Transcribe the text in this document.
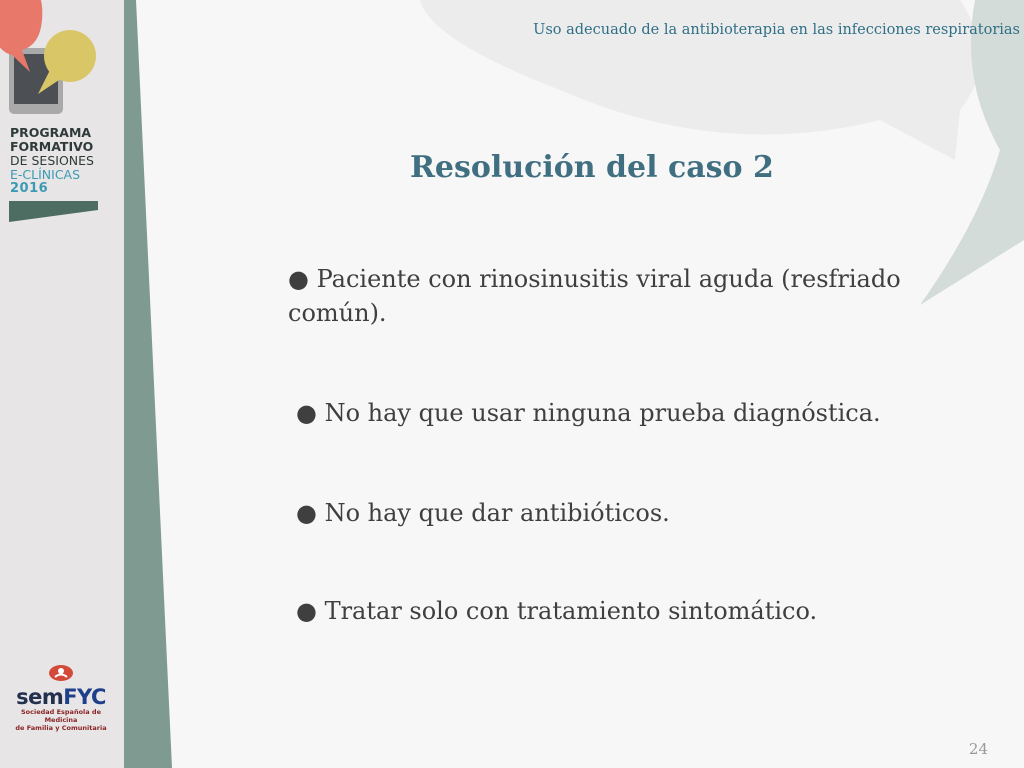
PROGRAMA
FORMATIVO
DE SESIONES
E-CLÍNICAS
2016
Uso adecuado de la antibioterapia en las infecciones respiratorias
Resolución del caso 2
● Paciente con rinosinusitis viral aguda (resfriado común).
● No hay que usar ninguna prueba diagnóstica.
● No hay que dar antibióticos.
● Tratar solo con tratamiento sintomático.
semFYC
Sociedad Española de Medicina
de Familia y Comunitaria
24
